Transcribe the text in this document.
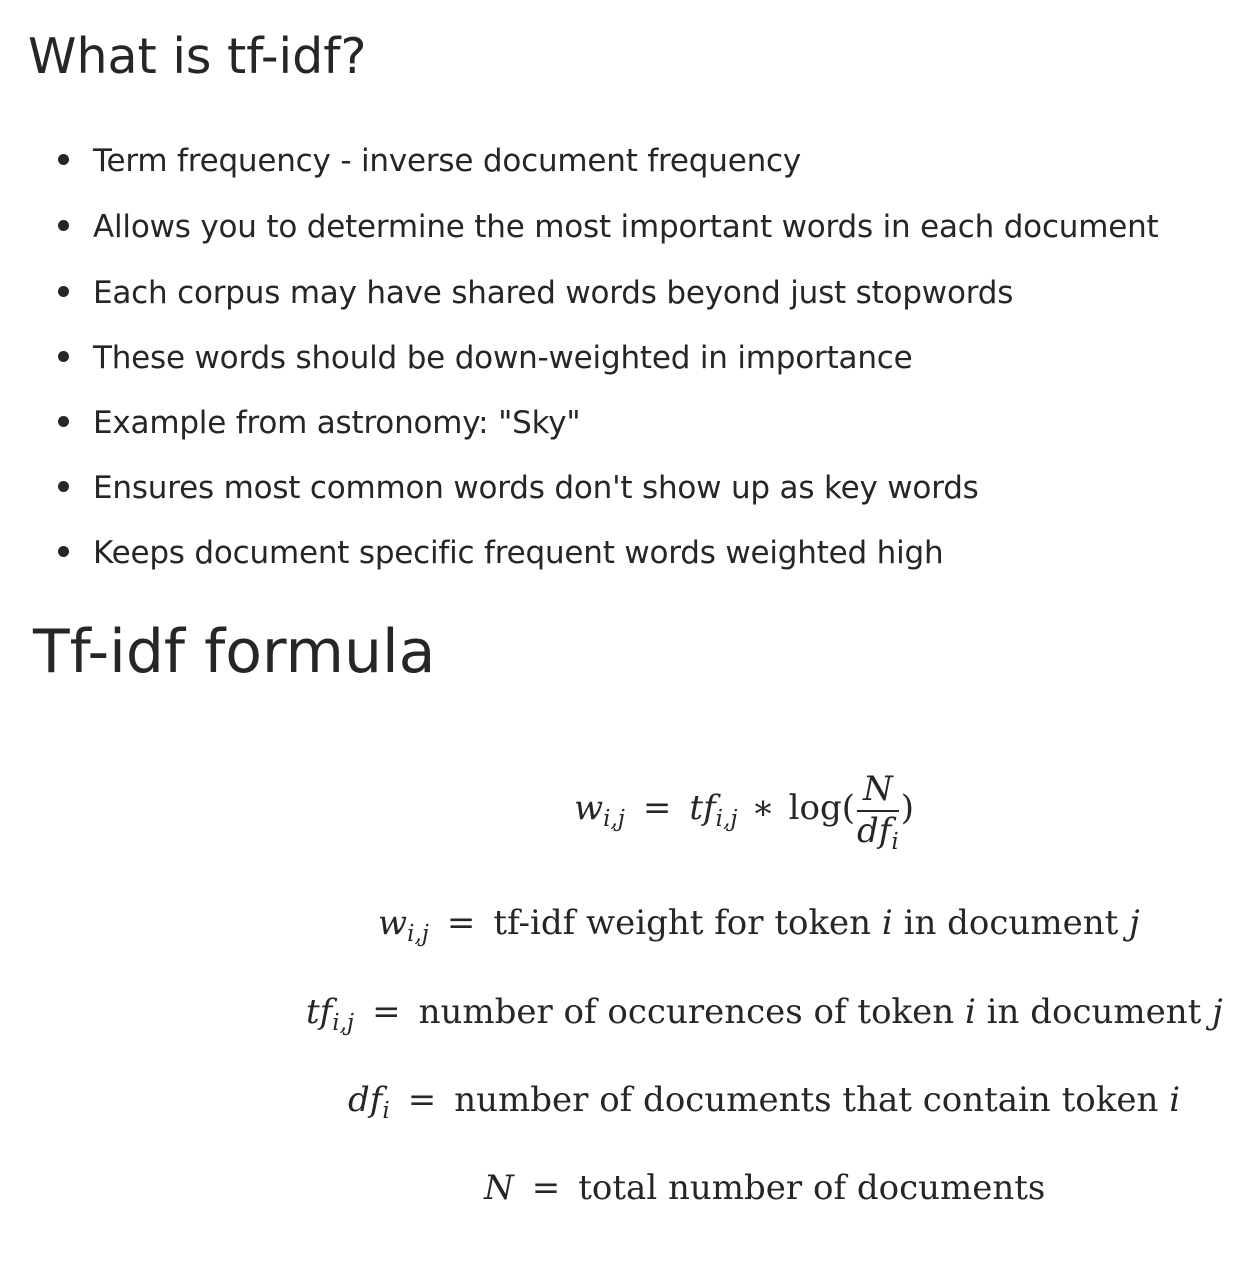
What is tf-idf?
Term frequency - inverse document frequency
Allows you to determine the most important words in each document
Each corpus may have shared words beyond just stopwords
These words should be down-weighted in importance
Example from astronomy: "Sky"
Ensures most common words don't show up as key words
Keeps document specific frequent words weighted high
Tf-idf formula
$w_{i,j} = tf_{i,j}$ ∗ $\log( \frac{N}{df_i}$ )
$w_{i,j} = tf-idf$ weight for token i in document j
$tf_{i,j}$ = number of occurences of token i in document j
$df_i$ = number of documents that contain token i
N = total number of documents
